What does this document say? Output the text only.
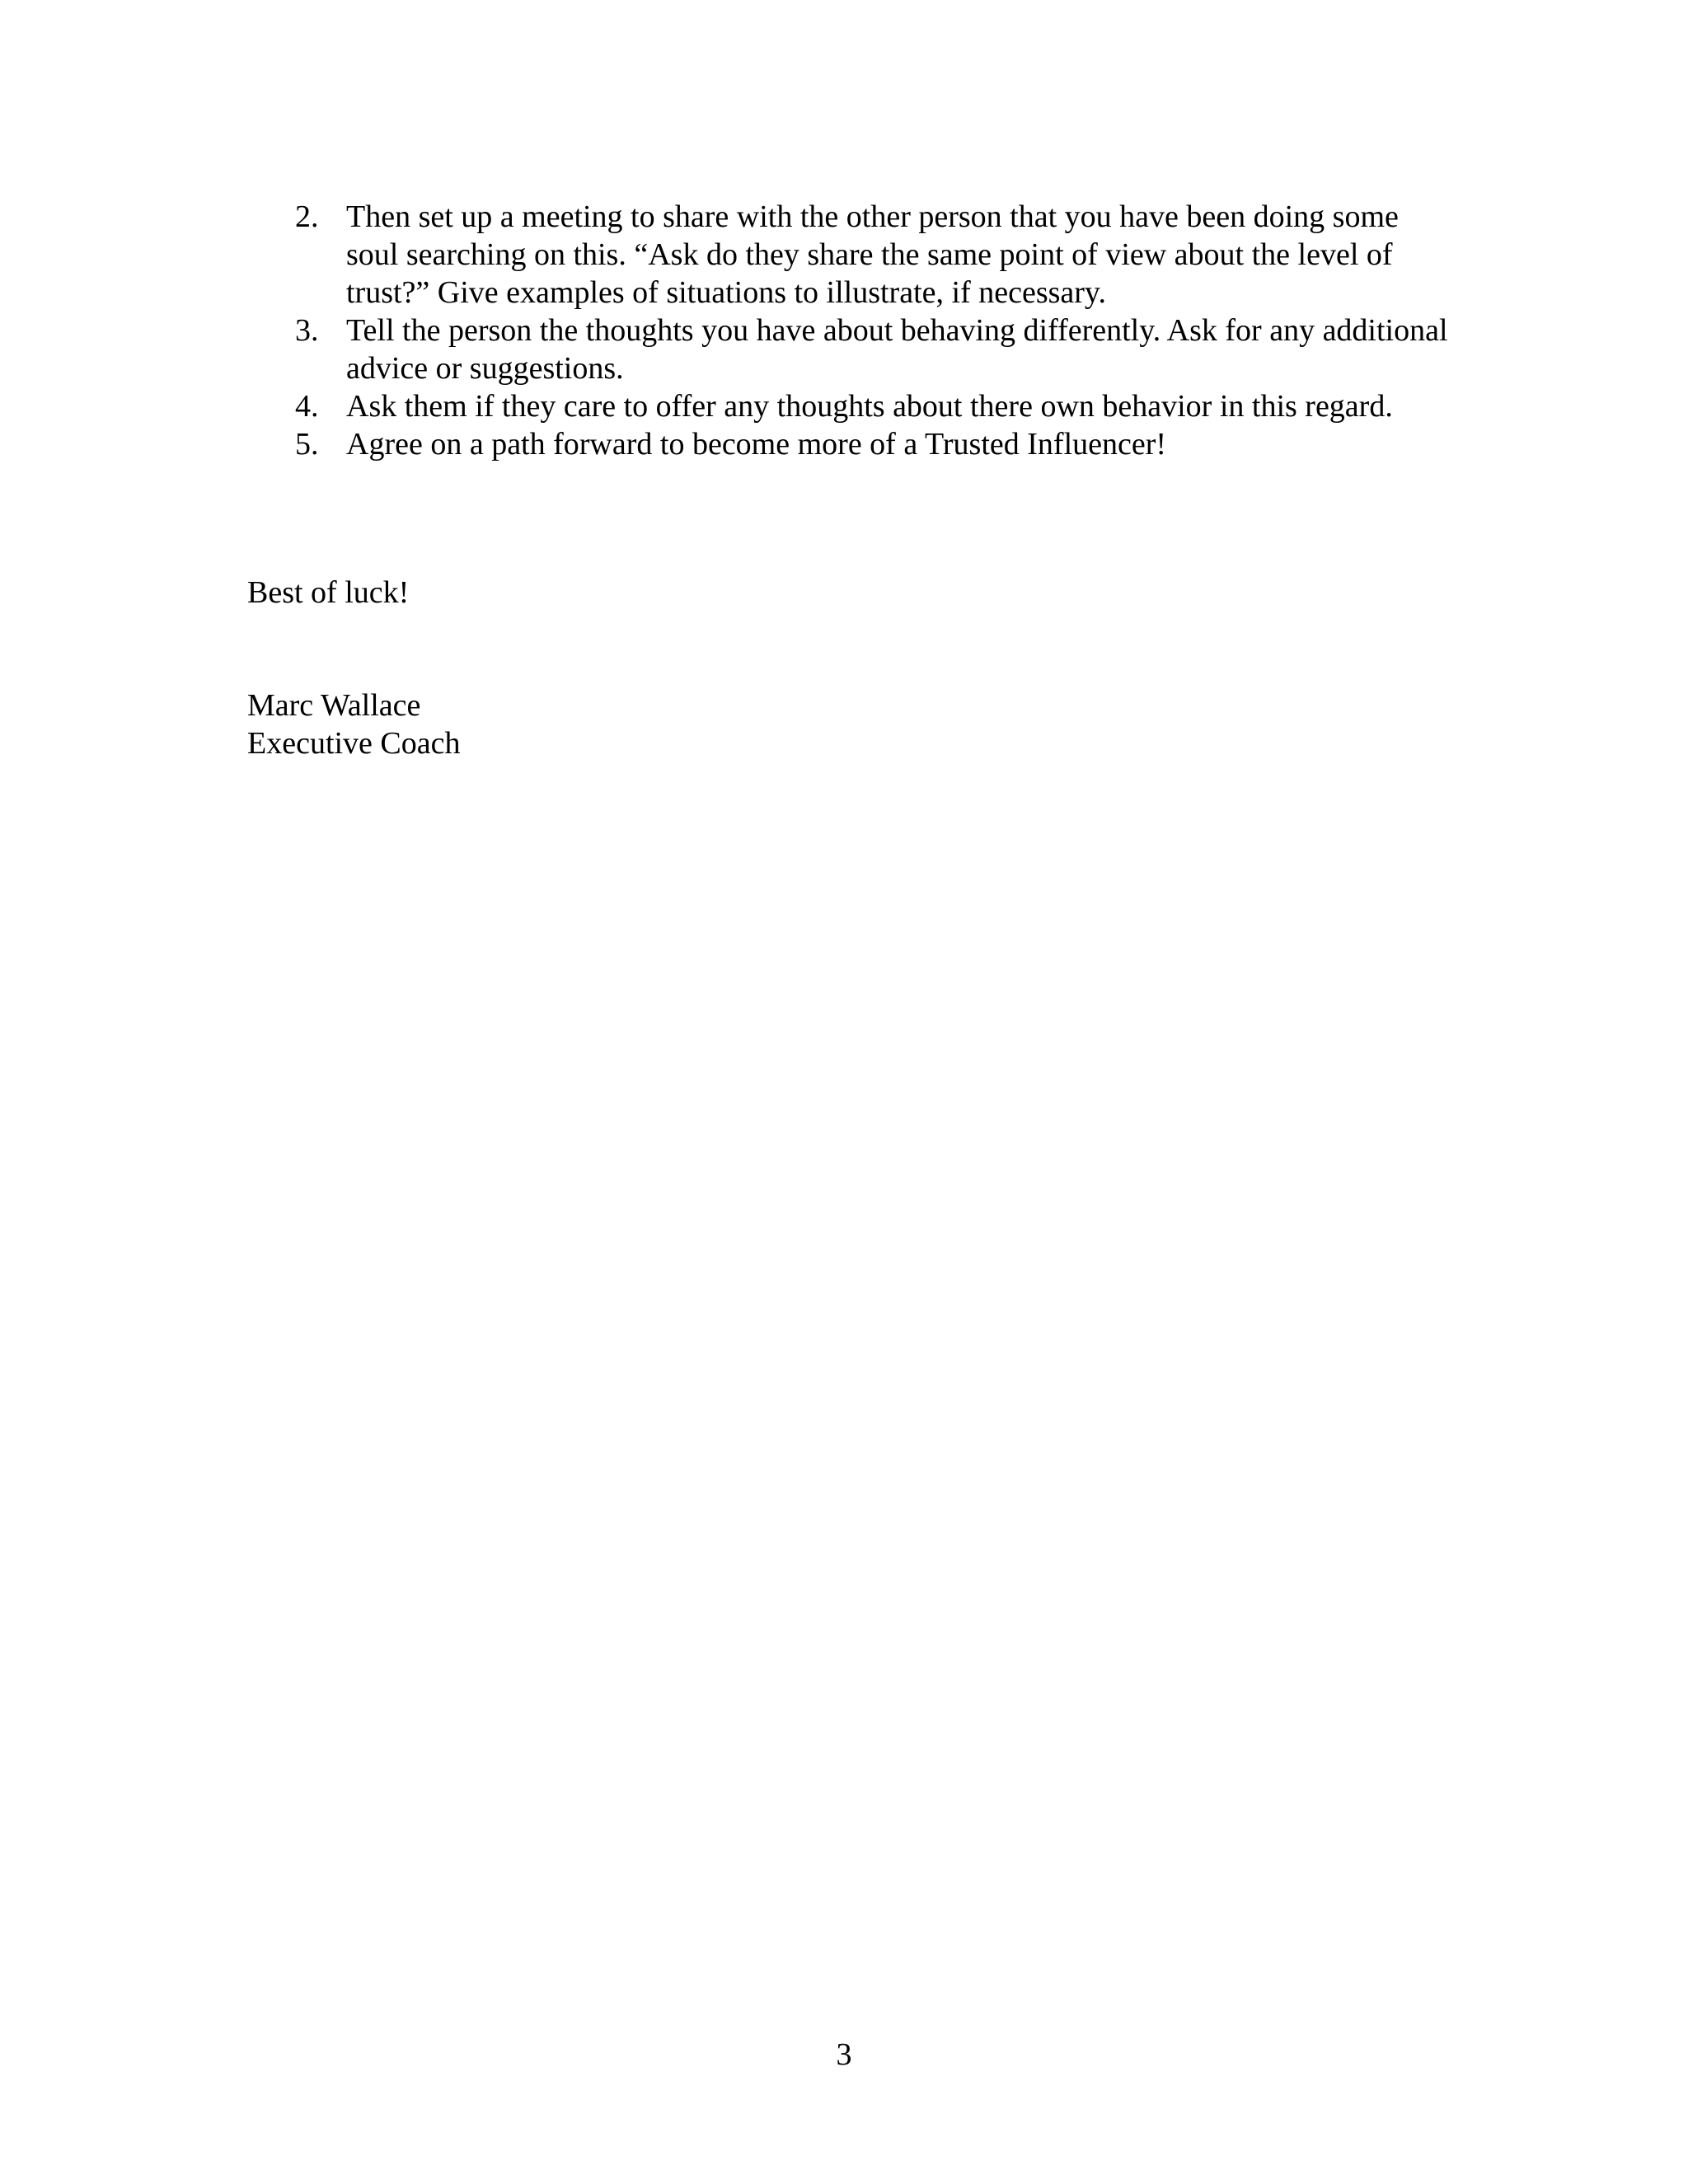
2. Then set up a meeting to share with the other person that you have been doing some soul searching on this. “Ask do they share the same point of view about the level of trust?” Give examples of situations to illustrate, if necessary.
3. Tell the person the thoughts you have about behaving differently. Ask for any additional advice or suggestions.
4. Ask them if they care to offer any thoughts about there own behavior in this regard.
5. Agree on a path forward to become more of a Trusted Influencer!
Best of luck!
Marc Wallace
Executive Coach
3
